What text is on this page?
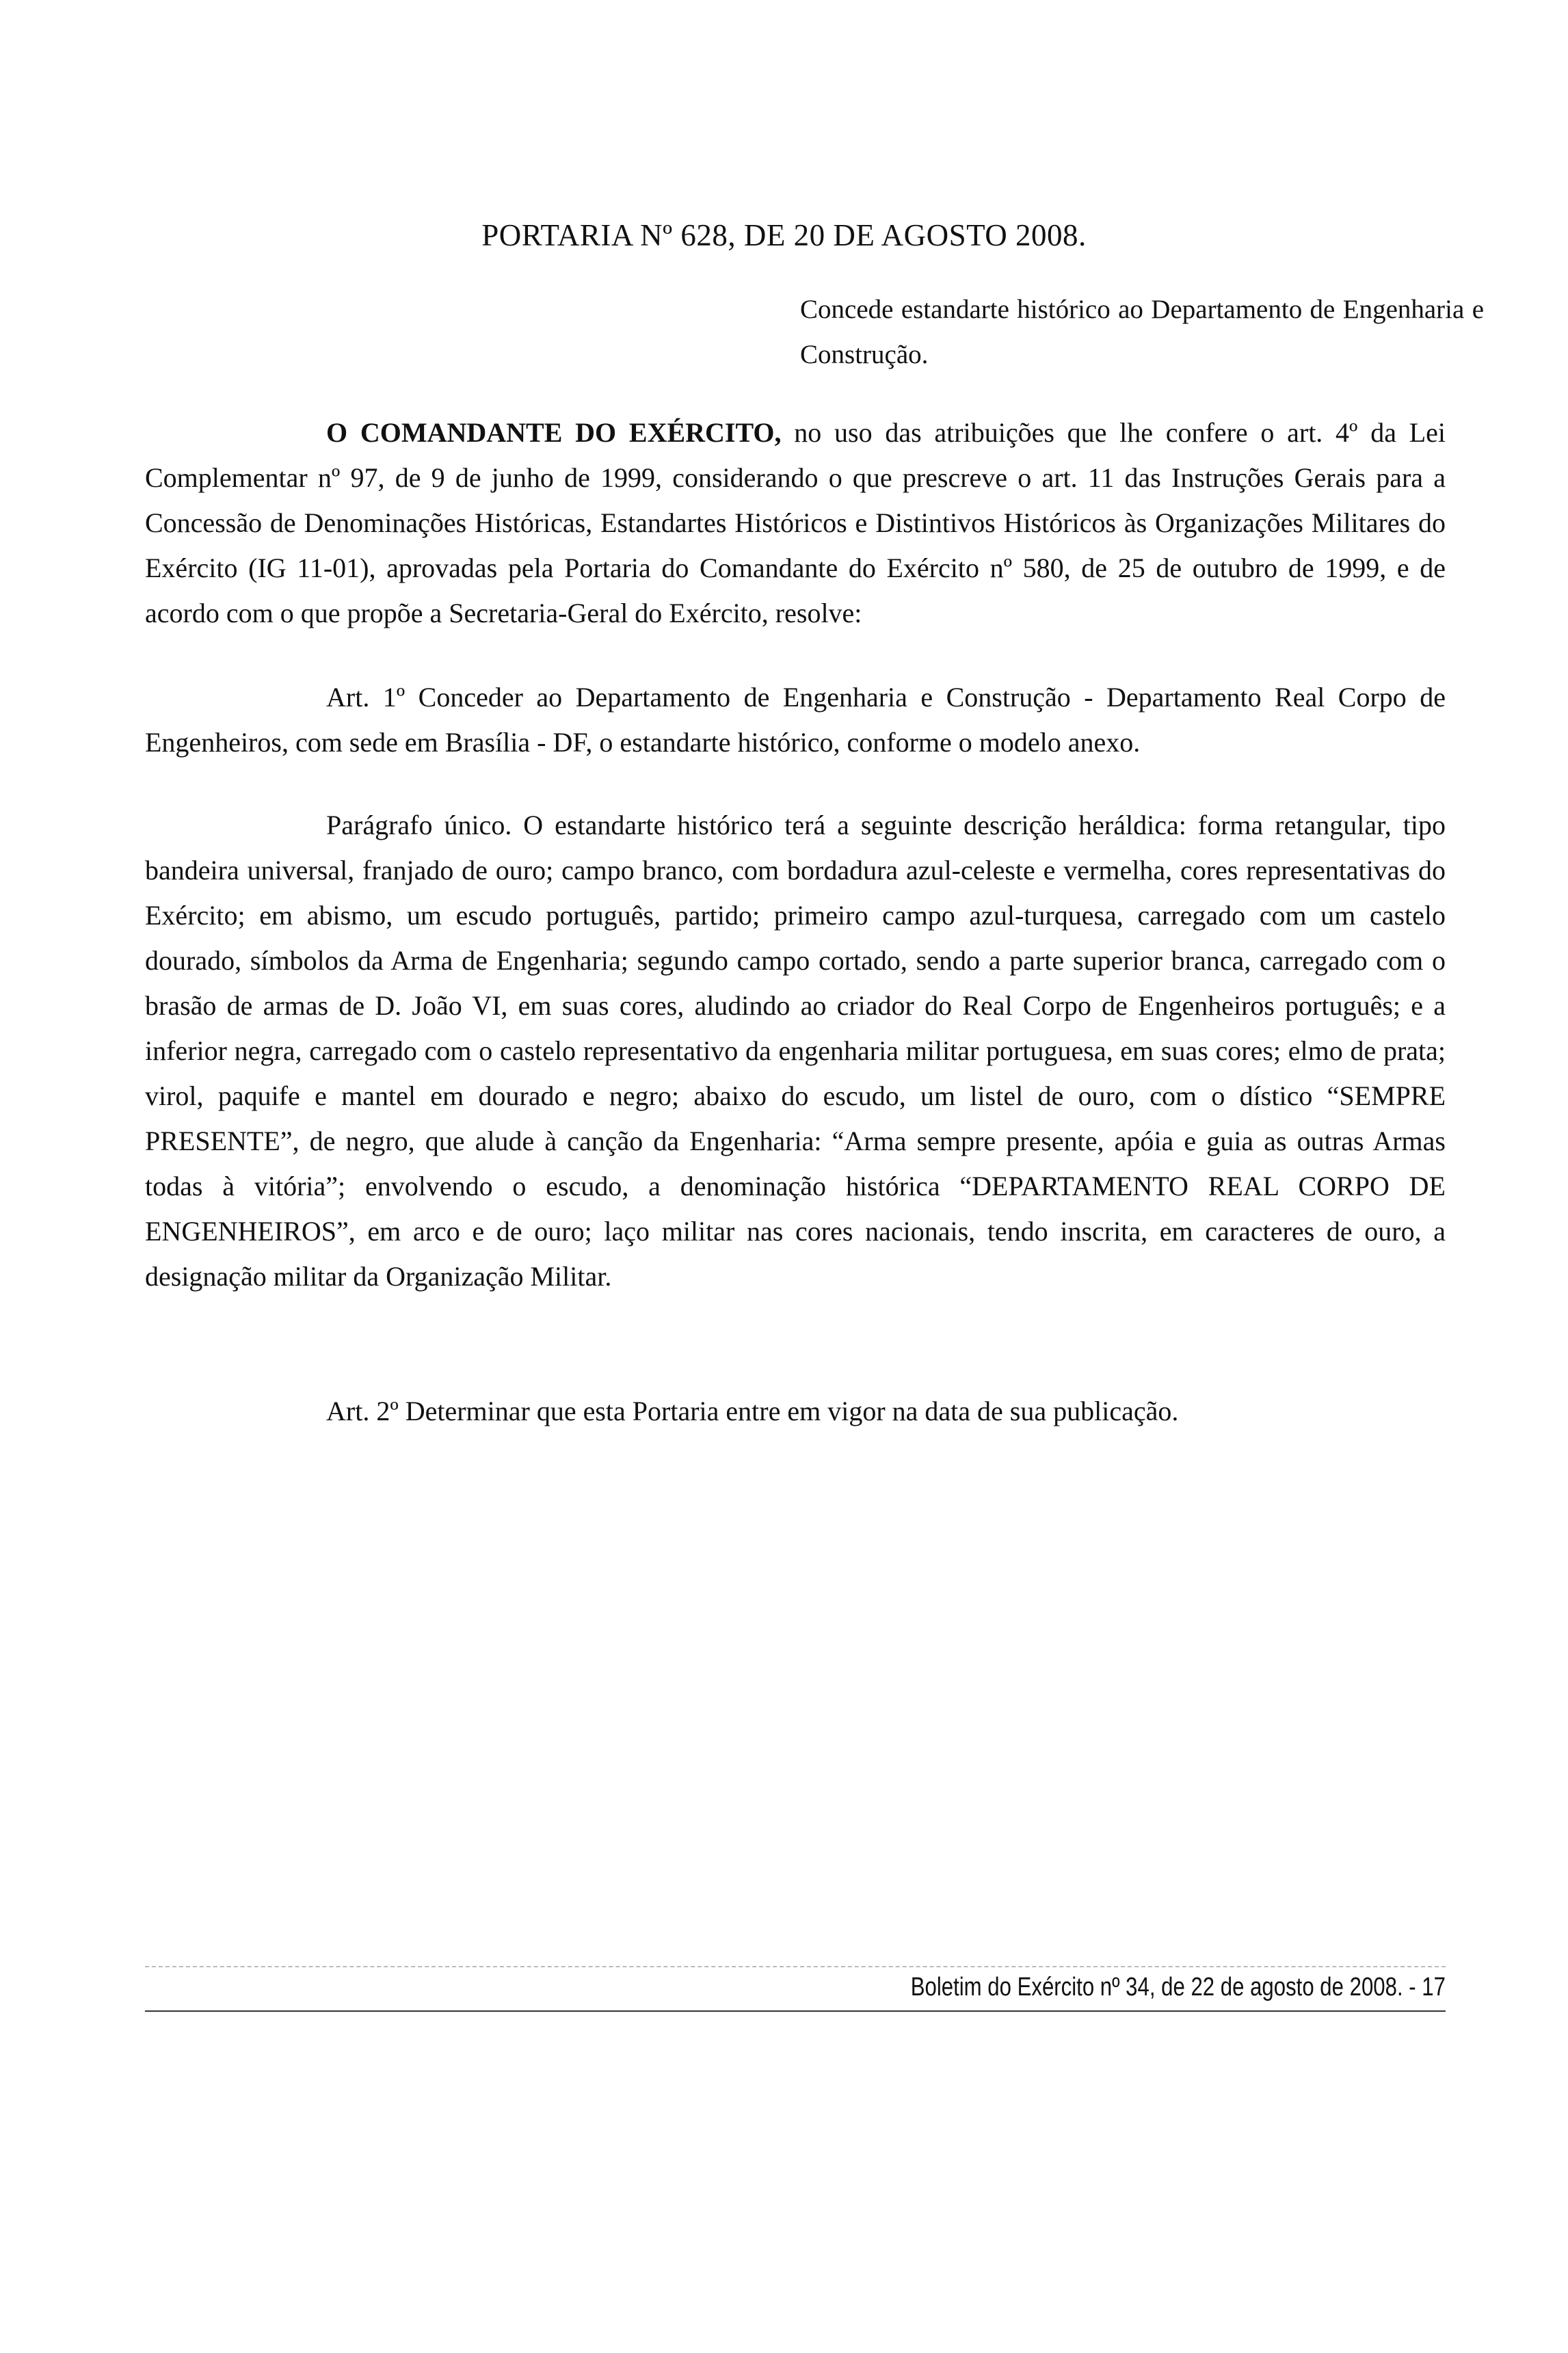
PORTARIA Nº 628, DE 20 DE AGOSTO 2008.
Concede estandarte histórico ao Departamento de Engenharia e Construção.

O COMANDANTE DO EXÉRCITO, no uso das atribuições que lhe confere o art. 4º da Lei Complementar nº 97, de 9 de junho de 1999, considerando o que prescreve o art. 11 das Instruções Gerais para a Concessão de Denominações Históricas, Estandartes Históricos e Distintivos Históricos às Organizações Militares do Exército (IG 11-01), aprovadas pela Portaria do Comandante do Exército nº 580, de 25 de outubro de 1999, e de acordo com o que propõe a Secretaria-Geral do Exército, resolve:

Art. 1º Conceder ao Departamento de Engenharia e Construção - Departamento Real Corpo de Engenheiros, com sede em Brasília - DF, o estandarte histórico, conforme o modelo anexo.

Parágrafo único. O estandarte histórico terá a seguinte descrição heráldica: forma retangular, tipo bandeira universal, franjado de ouro; campo branco, com bordadura azul-celeste e vermelha, cores representativas do Exército; em abismo, um escudo português, partido; primeiro campo azul-turquesa, carregado com um castelo dourado, símbolos da Arma de Engenharia; segundo campo cortado, sendo a parte superior branca, carregado com o brasão de armas de D. João VI, em suas cores, aludindo ao criador do Real Corpo de Engenheiros português; e a inferior negra, carregado com o castelo representativo da engenharia militar portuguesa, em suas cores; elmo de prata; virol, paquife e mantel em dourado e negro; abaixo do escudo, um listel de ouro, com o dístico “SEMPRE PRESENTE”, de negro, que alude à canção da Engenharia: “Arma sempre presente, apóia e guia as outras Armas todas à vitória”; envolvendo o escudo, a denominação histórica “DEPARTAMENTO REAL CORPO DE ENGENHEIROS”, em arco e de ouro; laço militar nas cores nacionais, tendo inscrita, em caracteres de ouro, a designação militar da Organização Militar.

Art. 2º Determinar que esta Portaria entre em vigor na data de sua publicação.

Boletim do Exército nº 34, de 22 de agosto de 2008. - 17
